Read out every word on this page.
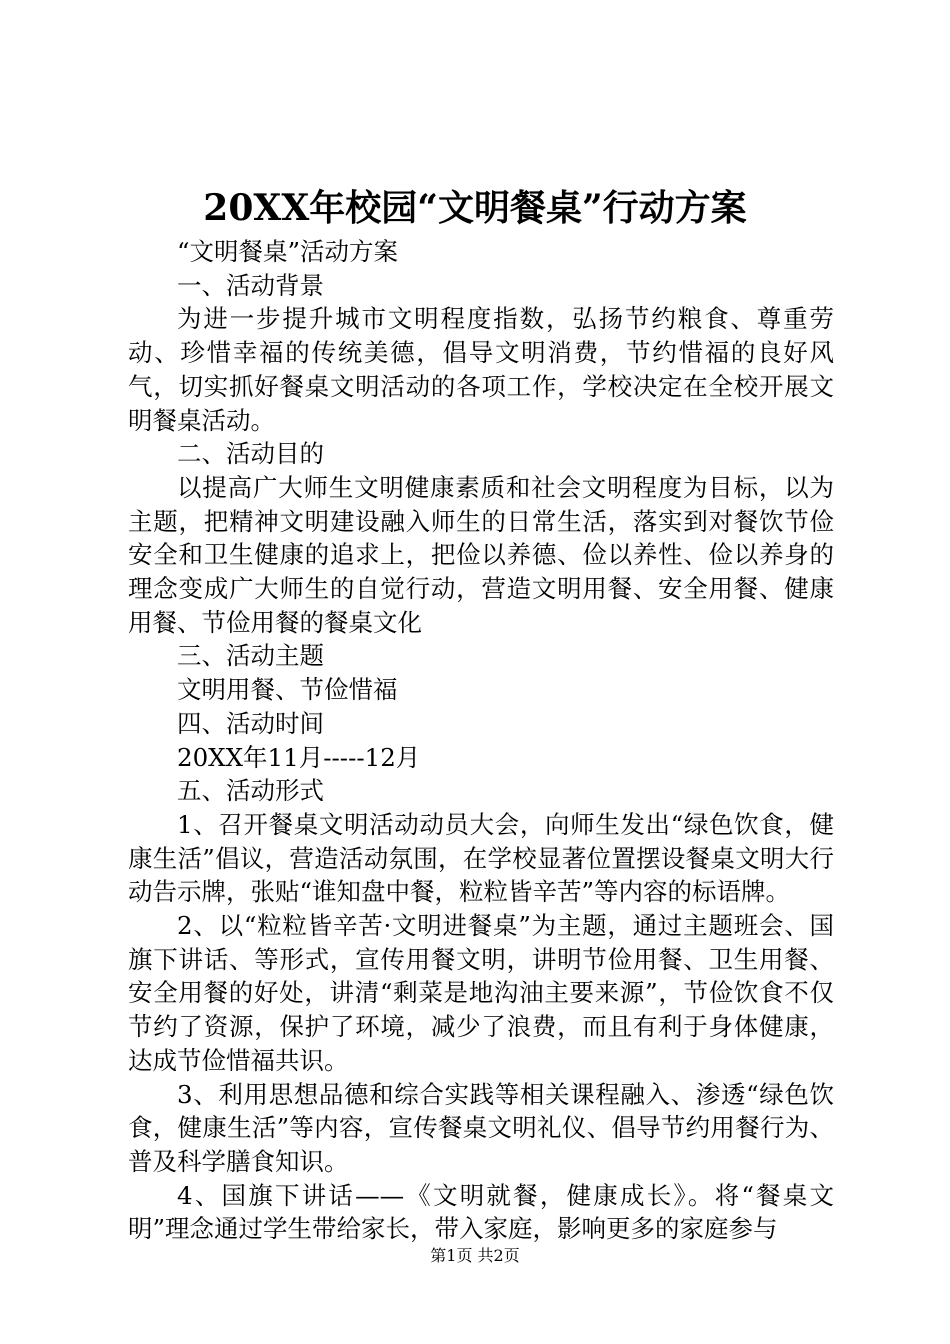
20XX年校园“文明餐桌”行动方案

“文明餐桌”活动方案

一、活动背景

为进一步提升城市文明程度指数，弘扬节约粮食、尊重劳动、珍惜幸福的传统美德，倡导文明消费，节约惜福的良好风气，切实抓好餐桌文明活动的各项工作，学校决定在全校开展文明餐桌活动。

二、活动目的

以提高广大师生文明健康素质和社会文明程度为目标，以为主题，把精神文明建设融入师生的日常生活，落实到对餐饮节俭安全和卫生健康的追求上，把俭以养德、俭以养性、俭以养身的理念变成广大师生的自觉行动，营造文明用餐、安全用餐、健康用餐、节俭用餐的餐桌文化

三、活动主题

文明用餐、节俭惜福

四、活动时间

20XX年11月-----12月

五、活动形式

1、召开餐桌文明活动动员大会，向师生发出“绿色饮食，健康生活”倡议，营造活动氛围，在学校显著位置摆设餐桌文明大行动告示牌，张贴“谁知盘中餐，粒粒皆辛苦”等内容的标语牌。

2、以“粒粒皆辛苦·文明进餐桌”为主题，通过主题班会、国旗下讲话、等形式，宣传用餐文明，讲明节俭用餐、卫生用餐、安全用餐的好处，讲清“剩菜是地沟油主要来源”，节俭饮食不仅节约了资源，保护了环境，减少了浪费，而且有利于身体健康，达成节俭惜福共识。

3、利用思想品德和综合实践等相关课程融入、渗透“绿色饮食，健康生活”等内容，宣传餐桌文明礼仪、倡导节约用餐行为、普及科学膳食知识。

4、国旗下讲话——《文明就餐，健康成长》。将“餐桌文明”理念通过学生带给家长，带入家庭，影响更多的家庭参与

第1页 共2页
